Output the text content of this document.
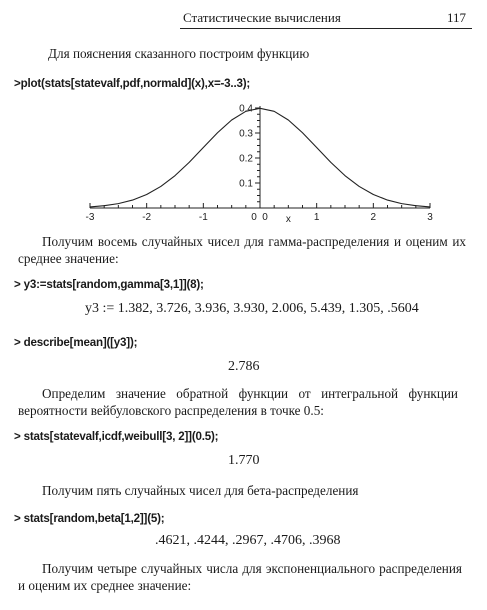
Статистические вычисления	117
Для пояснения сказанного построим функцию
>plot(stats[statevalf,pdf,normald](x),x=-3..3);
-3	-2	-1	0	1	2	3
0 x
0.1
0.2
0.3
0.4
Получим восемь случайных чисел для гамма-распределения и оценим их среднее значение:
> y3:=stats[random,gamma[3,1]](8);
y3 := 1.382, 3.726, 3.936, 3.930, 2.006, 5.439, 1.305, .5604
> describe[mean]([y3]);
2.786
Определим значение обратной функции от интегральной функции вероятности вейбуловского распределения в точке 0.5:
> stats[statevalf,icdf,weibull[3, 2]](0.5);
1.770
Получим пять случайных чисел для бета-распределения
> stats[random,beta[1,2]](5);
.4621, .4244, .2967, .4706, .3968
Получим четыре случайных числа для экспоненциального распределения и оценим их среднее значение:
